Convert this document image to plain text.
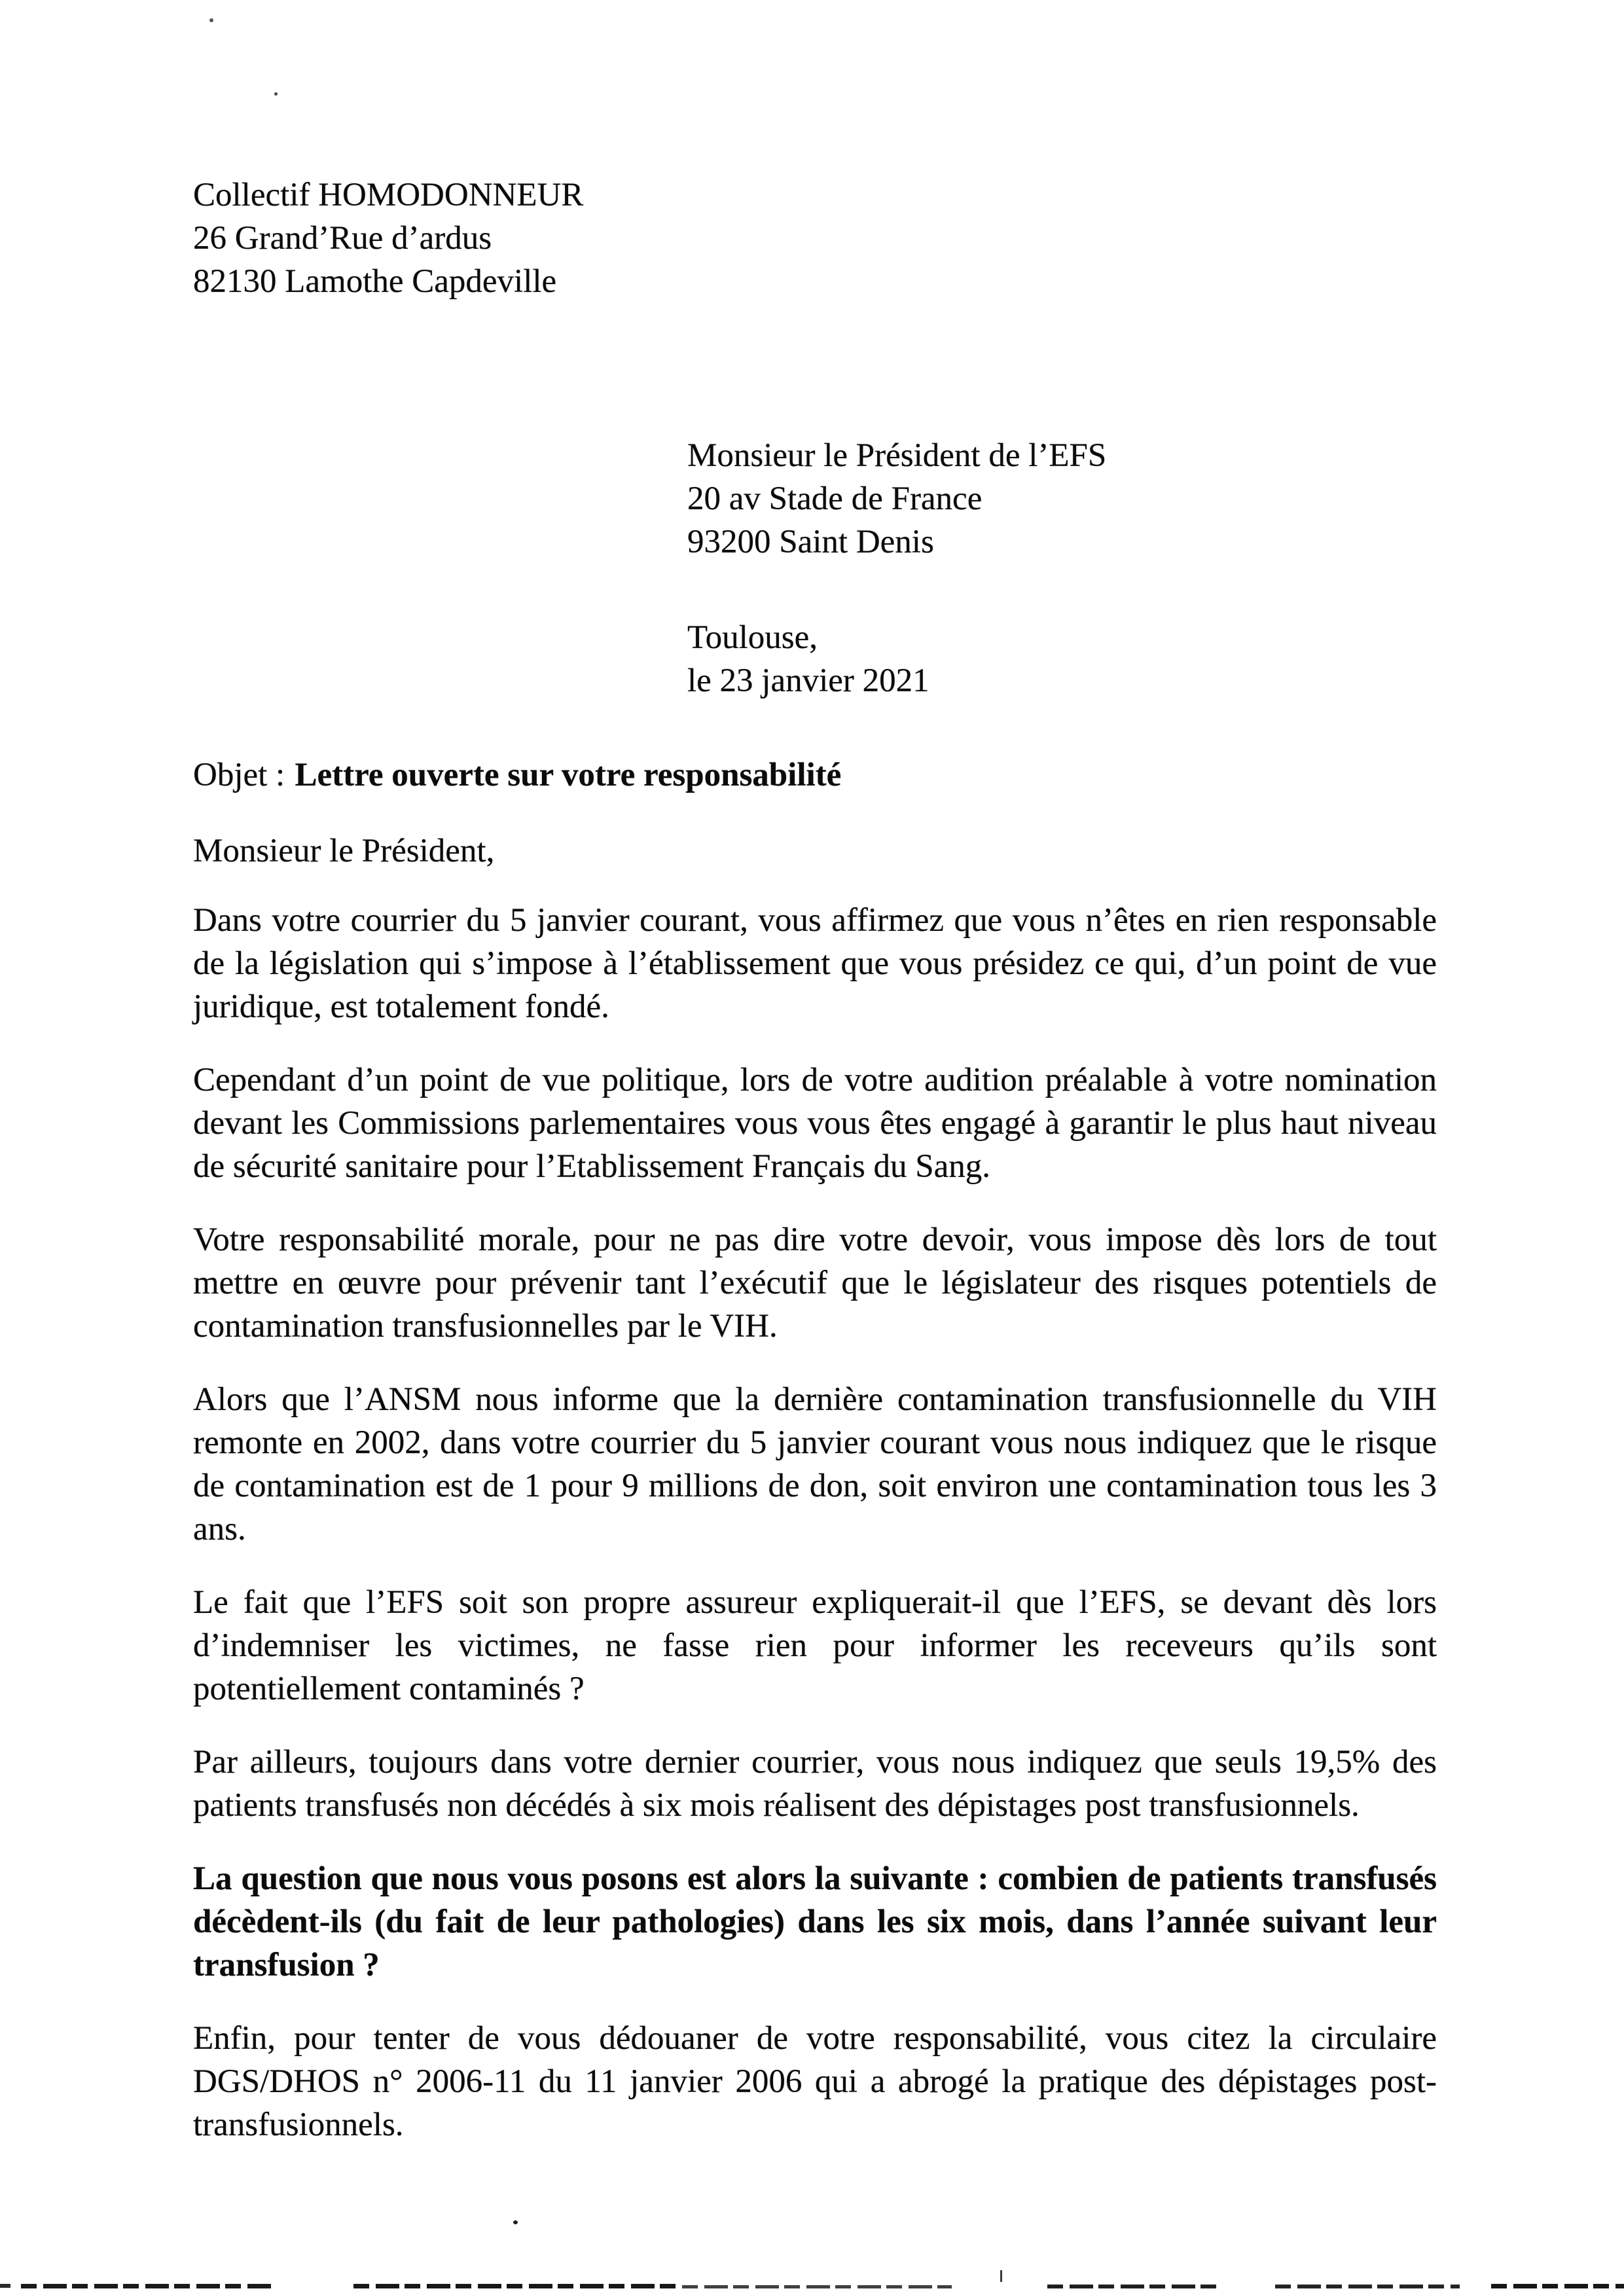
Collectif HOMODONNEUR
26 Grand’Rue d’ardus
82130 Lamothe Capdeville
Monsieur le Président de l’EFS
20 av Stade de France
93200 Saint Denis
Toulouse,
le 23 janvier 2021
Objet : Lettre ouverte sur votre responsabilité
Monsieur le Président,

Dans votre courrier du 5 janvier courant, vous affirmez que vous n’êtes en rien responsable de la législation qui s’impose à l’établissement que vous présidez ce qui, d’un point de vue juridique, est totalement fondé.

Cependant d’un point de vue politique, lors de votre audition préalable à votre nomination devant les Commissions parlementaires vous vous êtes engagé à garantir le plus haut niveau de sécurité sanitaire pour l’Etablissement Français du Sang.

Votre responsabilité morale, pour ne pas dire votre devoir, vous impose dès lors de tout mettre en œuvre pour prévenir tant l’exécutif que le législateur des risques potentiels de contamination transfusionnelles par le VIH.

Alors que l’ANSM nous informe que la dernière contamination transfusionnelle du VIH remonte en 2002, dans votre courrier du 5 janvier courant vous nous indiquez que le risque de contamination est de 1 pour 9 millions de don, soit environ une contamination tous les 3 ans.

Le fait que l’EFS soit son propre assureur expliquerait-il que l’EFS, se devant dès lors d’indemniser les victimes, ne fasse rien pour informer les receveurs qu’ils sont potentiellement contaminés ?

Par ailleurs, toujours dans votre dernier courrier, vous nous indiquez que seuls 19,5% des patients transfusés non décédés à six mois réalisent des dépistages post transfusionnels.

La question que nous vous posons est alors la suivante : combien de patients transfusés décèdent-ils (du fait de leur pathologies) dans les six mois, dans l’année suivant leur transfusion ?

Enfin, pour tenter de vous dédouaner de votre responsabilité, vous citez la circulaire DGS/DHOS n° 2006-11 du 11 janvier 2006 qui a abrogé la pratique des dépistages post-transfusionnels.
